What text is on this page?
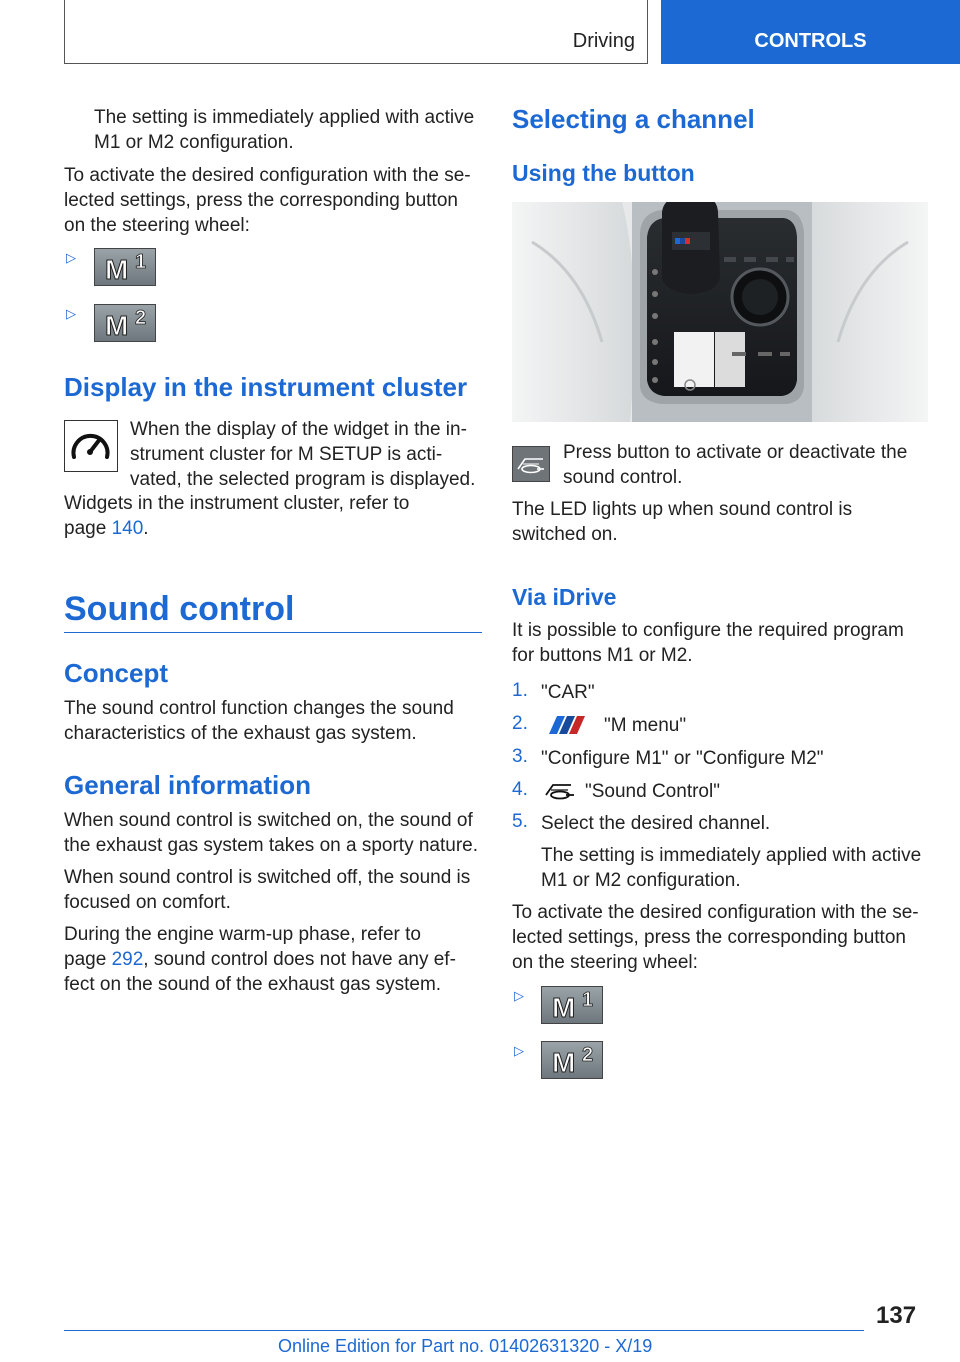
Driving	CONTROLS

The setting is immediately applied with active M1 or M2 configuration.

To activate the desired configuration with the se-

lected settings, press the corresponding button

on the steering wheel:

▷ M 1
▷ M 2
Display in the instrument cluster

When the display of the widget in the in-

strument cluster for M SETUP is acti-

vated, the selected program is displayed.

Widgets in the instrument cluster, refer to

page 140.

Sound control
Concept

The sound control function changes the sound

characteristics of the exhaust gas system.

General information

When sound control is switched on, the sound of

the exhaust gas system takes on a sporty nature.

When sound control is switched off, the sound is

focused on comfort.

During the engine warm-up phase, refer to

page 292, sound control does not have any ef-

fect on the sound of the exhaust gas system.

Selecting a channel
Using the button

Press button to activate or deactivate the

sound control.

The LED lights up when sound control is

switched on.

Via iDrive

It is possible to configure the required program

for buttons M1 or M2.

1. "CAR"

2.	"M menu"

3. "Configure M1" or "Configure M2"

4.	"Sound Control"

5. Select the desired channel.

The setting is immediately applied with active

M1 or M2 configuration.

To activate the desired configuration with the se-

lected settings, press the corresponding button

on the steering wheel:

▷ M 1
▷ M 2
137
Online Edition for Part no. 01402631320 - X/19
